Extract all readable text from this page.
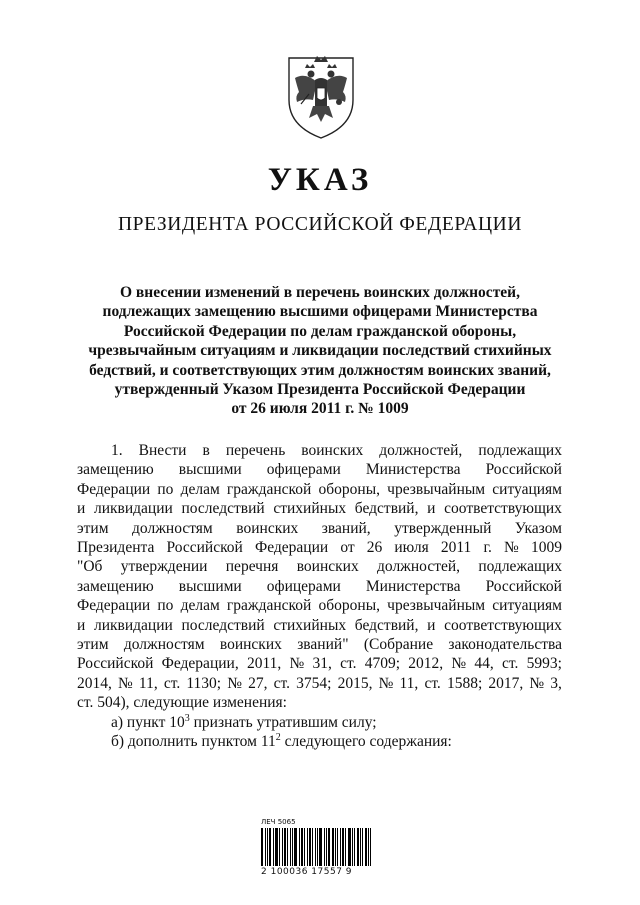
УКАЗ
ПРЕЗИДЕНТА РОССИЙСКОЙ ФЕДЕРАЦИИ
О внесении изменений в перечень воинских должностей,
подлежащих замещению высшими офицерами Министерства
Российской Федерации по делам гражданской обороны,
чрезвычайным ситуациям и ликвидации последствий стихийных
бедствий, и соответствующих этим должностям воинских званий,
утвержденный Указом Президента Российской Федерации
от 26 июля 2011 г. № 1009
1. Внести в перечень воинских должностей, подлежащих
замещению высшими офицерами Министерства Российской
Федерации по делам гражданской обороны, чрезвычайным ситуациям
и ликвидации последствий стихийных бедствий, и соответствующих
этим должностям воинских званий, утвержденный Указом
Президента Российской Федерации от 26 июля 2011 г. № 1009
"Об утверждении перечня воинских должностей, подлежащих
замещению высшими офицерами Министерства Российской
Федерации по делам гражданской обороны, чрезвычайным ситуациям
и ликвидации последствий стихийных бедствий, и соответствующих
этим должностям воинских званий" (Собрание законодательства
Российской Федерации, 2011, № 31, ст. 4709; 2012, № 44, ст. 5993;
2014, № 11, ст. 1130; № 27, ст. 3754; 2015, № 11, ст. 1588; 2017, № 3,
ст. 504), следующие изменения:
а) пункт $10^3$ признать утратившим силу;
б) дополнить пунктом $11^2$ следующего содержания:
ЛЕЧ 5065
2 100036 17557 9
